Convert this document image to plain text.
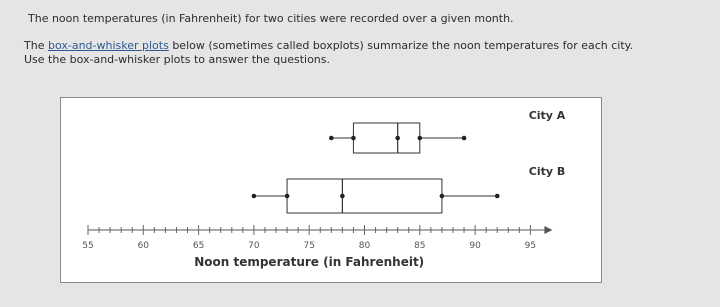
The noon temperatures (in Fahrenheit) for two cities were recorded over a given month.
The box-and-whisker plots below (sometimes called boxplots) summarize the noon temperatures for each city.
Use the box-and-whisker plots to answer the questions.
55	60	65	70	75	80	85	90	95
Noon temperature (in Fahrenheit)
City A
City B
